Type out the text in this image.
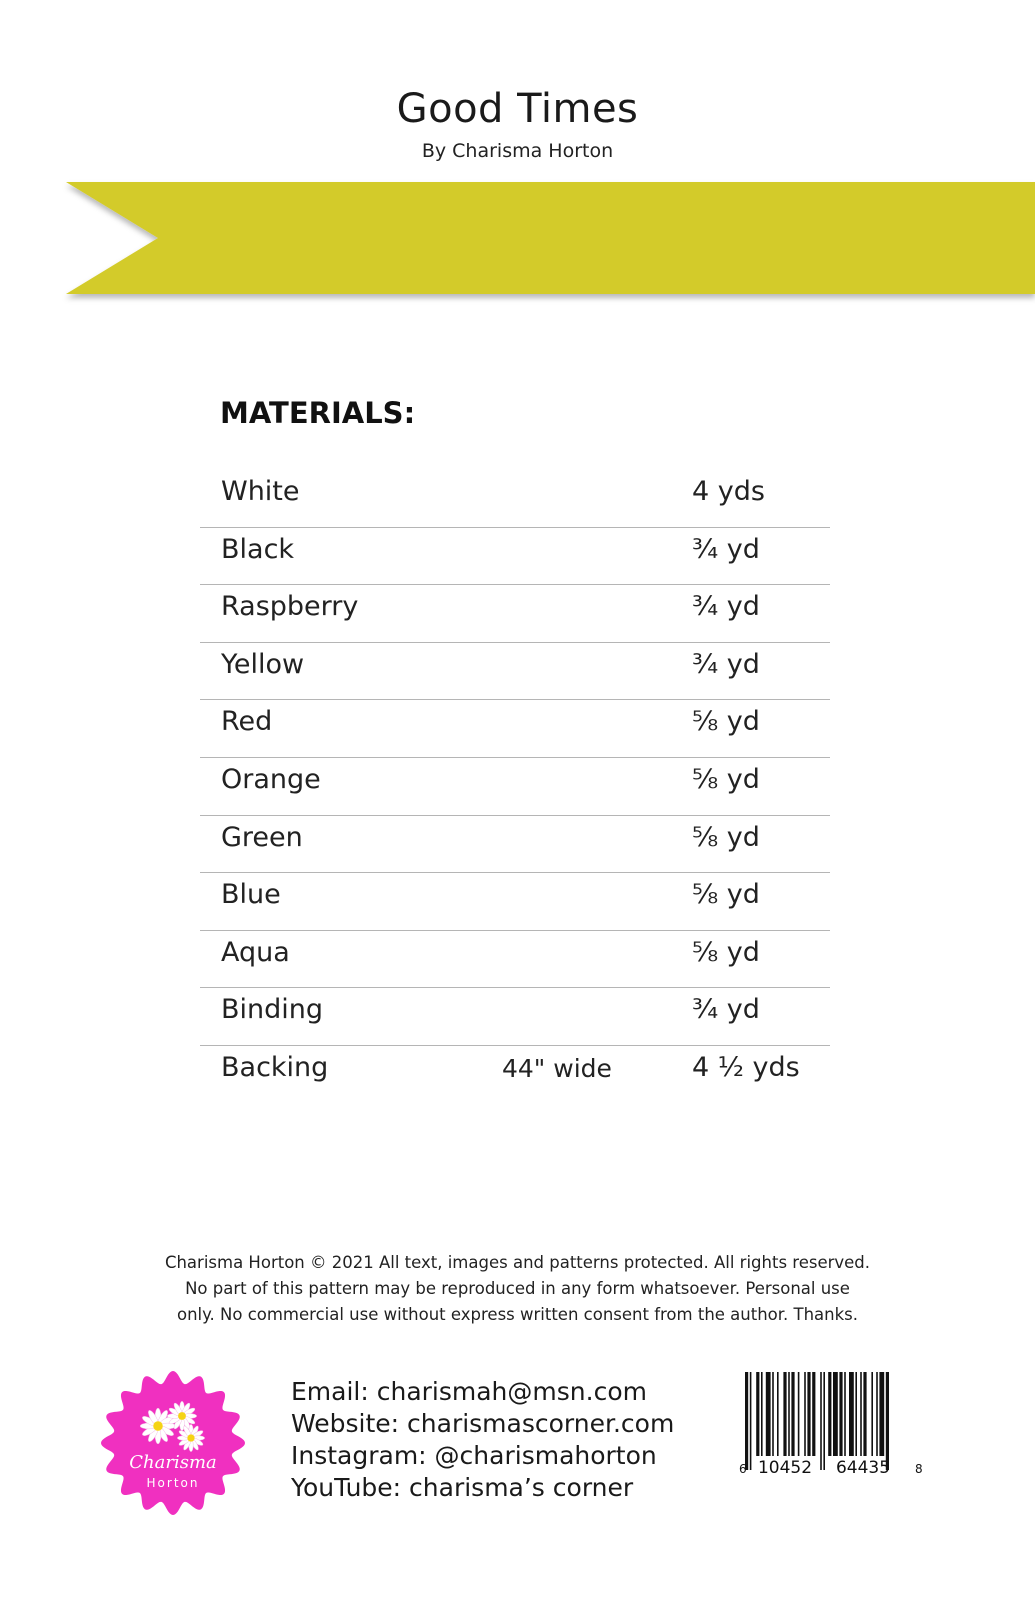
Good Times
By Charisma Horton
MATERIALS:
White	4 yds
Black	¾ yd
Raspberry	¾ yd
Yellow	¾ yd
Red	⅝ yd
Orange	⅝ yd
Green	⅝ yd
Blue	⅝ yd
Aqua	⅝ yd
Binding	¾ yd
Backing	44" wide	4 ½ yds
Charisma Horton © 2021 All text, images and patterns protected. All rights reserved.
No part of this pattern may be reproduced in any form whatsoever. Personal use
only. No commercial use without express written consent from the author. Thanks.
Charisma
Horton
Email: charismah@msn.com
Website: charismascorner.com
Instagram: @charismahorton
YouTube: charisma’s corner
6 10452 64435 8
